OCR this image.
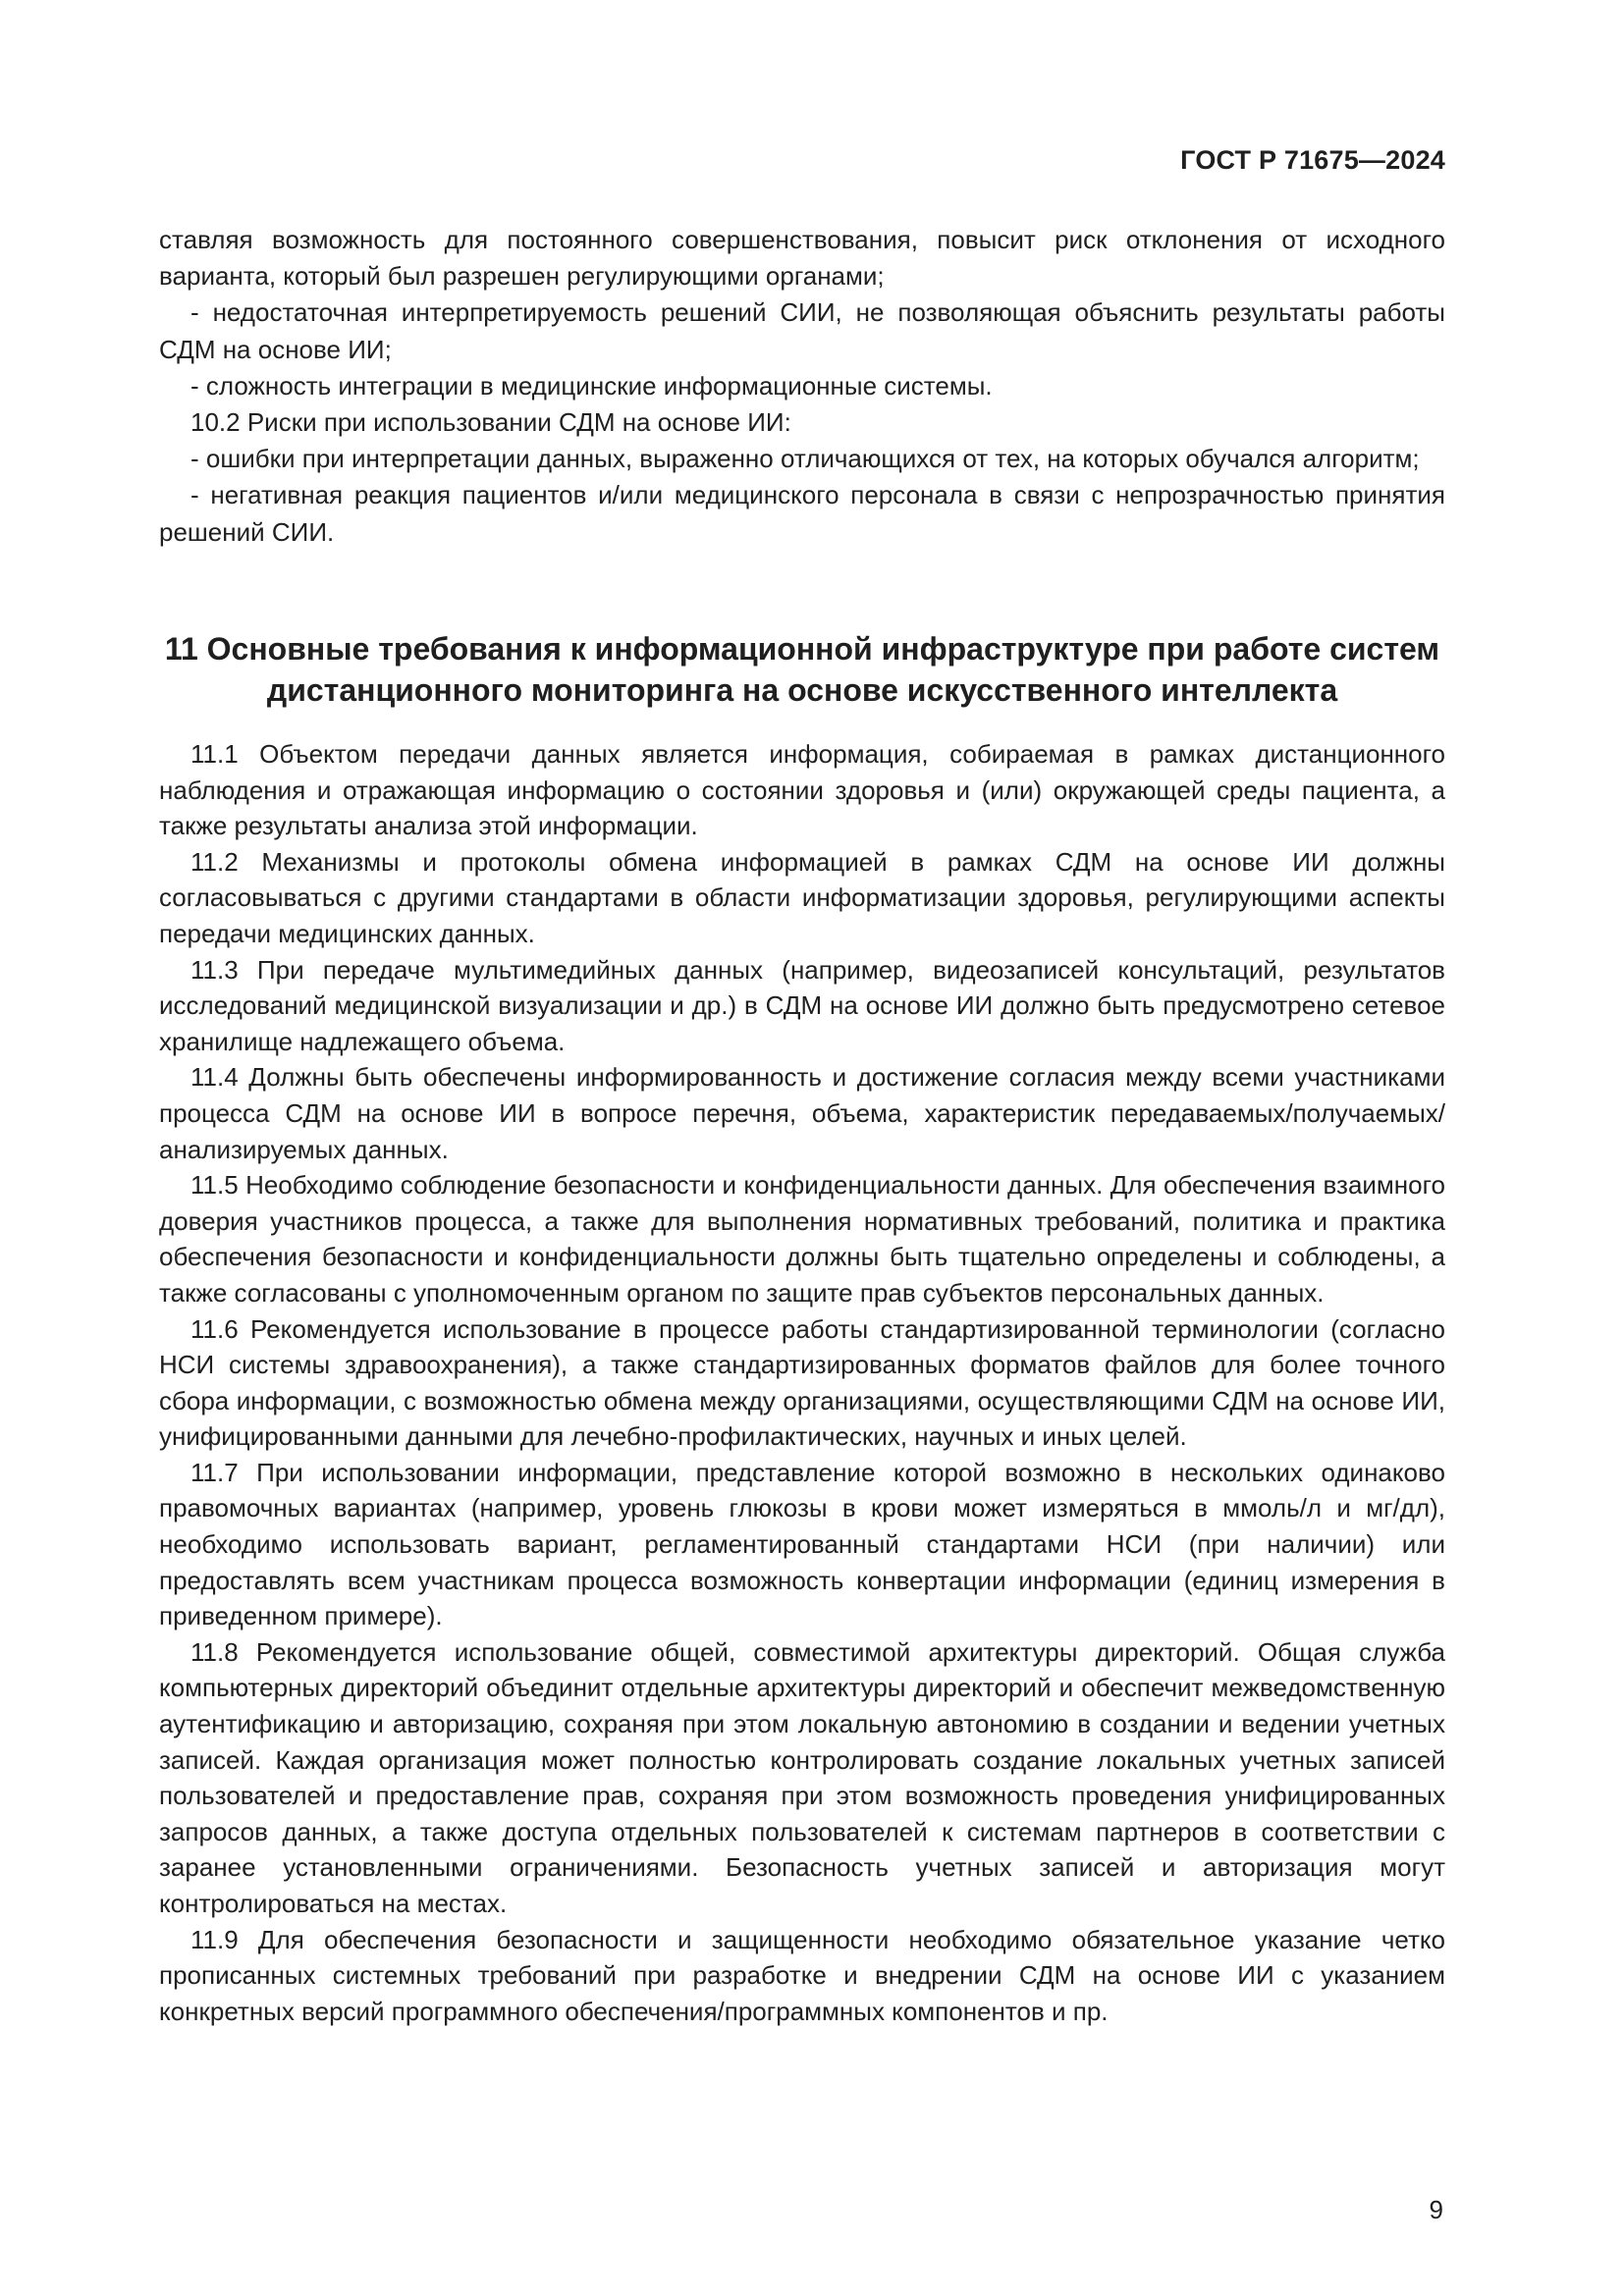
ГОСТ Р 71675—2024

ставляя возможность для постоянного совершенствования, повысит риск отклонения от исходного варианта, который был разрешен регулирующими органами;

- недостаточная интерпретируемость решений СИИ, не позволяющая объяснить результаты работы СДМ на основе ИИ;

- сложность интеграции в медицинские информационные системы.

10.2 Риски при использовании СДМ на основе ИИ:

- ошибки при интерпретации данных, выраженно отличающихся от тех, на которых обучался алгоритм;

- негативная реакция пациентов и/или медицинского персонала в связи с непрозрачностью принятия решений СИИ.

11 Основные требования к информационной инфраструктуре при работе систем дистанционного мониторинга на основе искусственного интеллекта

11.1 Объектом передачи данных является информация, собираемая в рамках дистанционного наблюдения и отражающая информацию о состоянии здоровья и (или) окружающей среды пациента, а также результаты анализа этой информации.

11.2 Механизмы и протоколы обмена информацией в рамках СДМ на основе ИИ должны согласовываться с другими стандартами в области информатизации здоровья, регулирующими аспекты передачи медицинских данных.

11.3 При передаче мультимедийных данных (например, видеозаписей консультаций, результатов исследований медицинской визуализации и др.) в СДМ на основе ИИ должно быть предусмотрено сетевое хранилище надлежащего объема.

11.4 Должны быть обеспечены информированность и достижение согласия между всеми участниками процесса СДМ на основе ИИ в вопросе перечня, объема, характеристик передаваемых/получаемых/анализируемых данных.

11.5 Необходимо соблюдение безопасности и конфиденциальности данных. Для обеспечения взаимного доверия участников процесса, а также для выполнения нормативных требований, политика и практика обеспечения безопасности и конфиденциальности должны быть тщательно определены и соблюдены, а также согласованы с уполномоченным органом по защите прав субъектов персональных данных.

11.6 Рекомендуется использование в процессе работы стандартизированной терминологии (согласно НСИ системы здравоохранения), а также стандартизированных форматов файлов для более точного сбора информации, с возможностью обмена между организациями, осуществляющими СДМ на основе ИИ, унифицированными данными для лечебно-профилактических, научных и иных целей.

11.7 При использовании информации, представление которой возможно в нескольких одинаково правомочных вариантах (например, уровень глюкозы в крови может измеряться в ммоль/л и мг/дл), необходимо использовать вариант, регламентированный стандартами НСИ (при наличии) или предоставлять всем участникам процесса возможность конвертации информации (единиц измерения в приведенном примере).

11.8 Рекомендуется использование общей, совместимой архитектуры директорий. Общая служба компьютерных директорий объединит отдельные архитектуры директорий и обеспечит межведомственную аутентификацию и авторизацию, сохраняя при этом локальную автономию в создании и ведении учетных записей. Каждая организация может полностью контролировать создание локальных учетных записей пользователей и предоставление прав, сохраняя при этом возможность проведения унифицированных запросов данных, а также доступа отдельных пользователей к системам партнеров в соответствии с заранее установленными ограничениями. Безопасность учетных записей и авторизация могут контролироваться на местах.

11.9 Для обеспечения безопасности и защищенности необходимо обязательное указание четко прописанных системных требований при разработке и внедрении СДМ на основе ИИ с указанием конкретных версий программного обеспечения/программных компонентов и пр.

9
